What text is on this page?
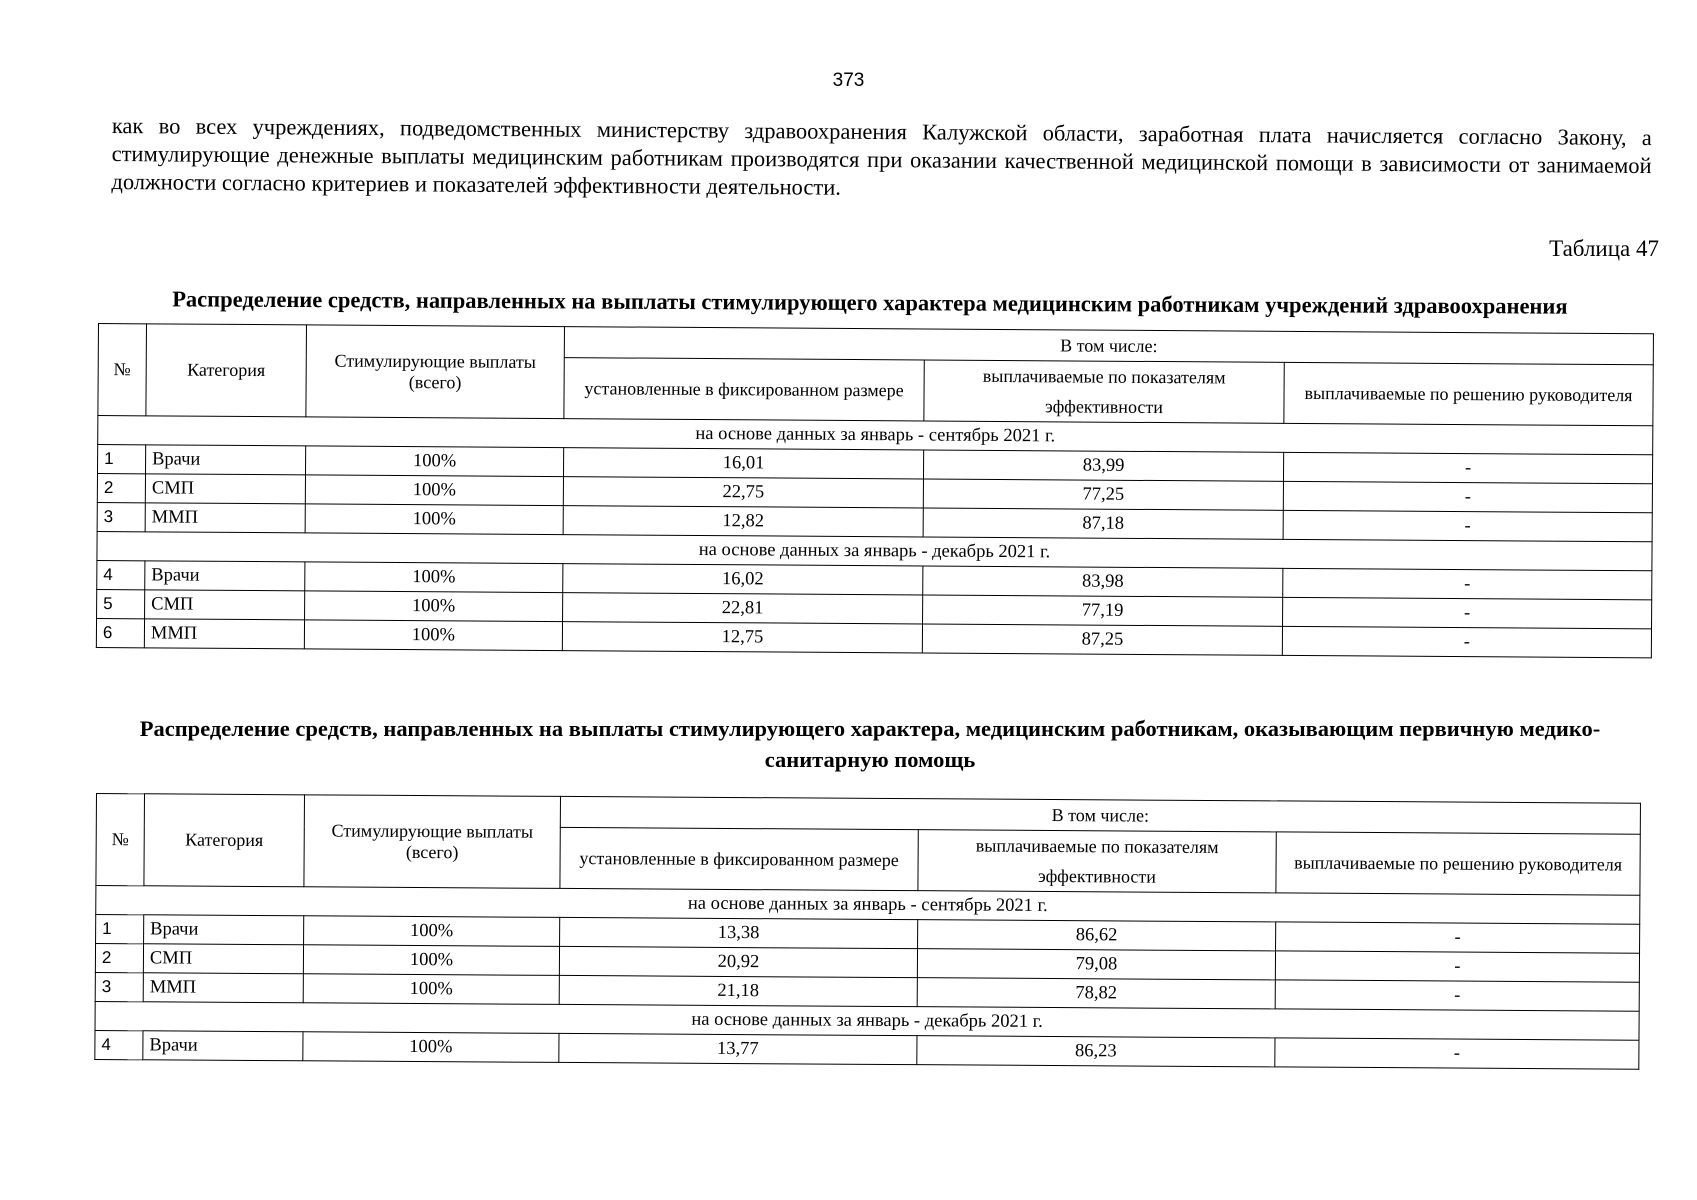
373
как во всех учреждениях, подведомственных министерству здравоохранения Калужской области, заработная плата начисляется согласно Закону, а стимулирующие денежные выплаты медицинским работникам производятся при оказании качественной медицинской помощи в зависимости от занимаемой должности согласно критериев и показателей эффективности деятельности.
Таблица 47
Распределение средств, направленных на выплаты стимулирующего характера медицинским работникам учреждений здравоохранения
№	Категория	Стимулирующие выплаты (всего)	В том числе:		
			установленные в фиксированном размере	выплачиваемые по показателям эффективности	выплачиваемые по решению руководителя
на основе данных за январь - сентябрь 2021 г.					
1	Врачи	100%	16,01	83,99	-
2	СМП	100%	22,75	77,25	-
3	ММП	100%	12,82	87,18	-
на основе данных за январь - декабрь 2021 г.					
4	Врачи	100%	16,02	83,98	-
5	СМП	100%	22,81	77,19	-
6	ММП	100%	12,75	87,25	-
Распределение средств, направленных на выплаты стимулирующего характера, медицинским работникам, оказывающим первичную медико-санитарную помощь
№	Категория	Стимулирующие выплаты (всего)	В том числе:		
			установленные в фиксированном размере	выплачиваемые по показателям эффективности	выплачиваемые по решению руководителя
на основе данных за январь - сентябрь 2021 г.					
1	Врачи	100%	13,38	86,62	-
2	СМП	100%	20,92	79,08	-
3	ММП	100%	21,18	78,82	-
на основе данных за январь - декабрь 2021 г.					
4	Врачи	100%	13,77	86,23	-
